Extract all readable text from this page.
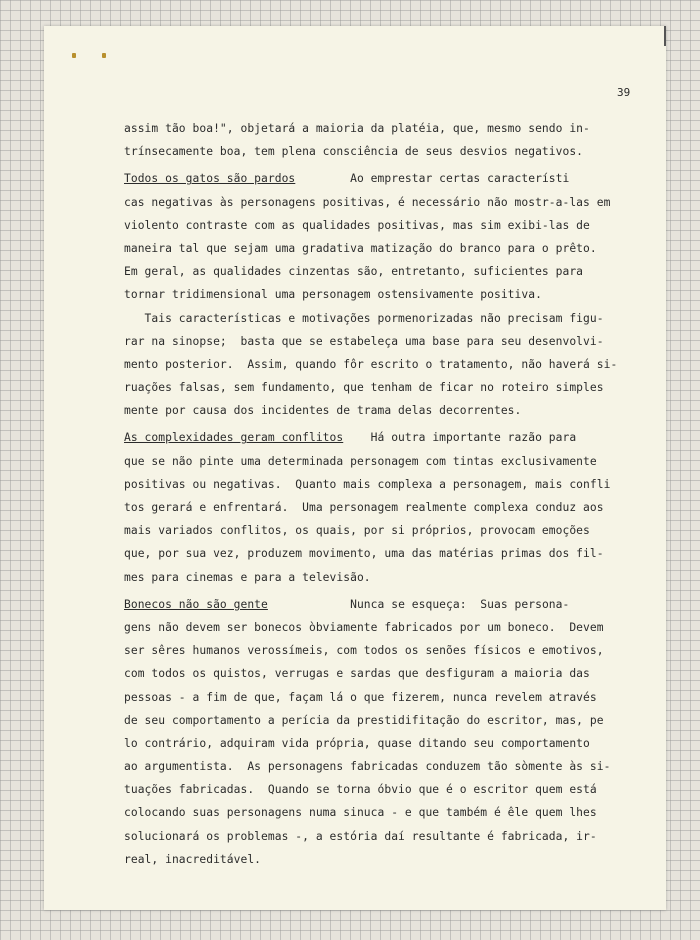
39
assim tão boa!", objetará a maioria da platéia, que, mesmo sendo in-
trínsecamente boa, tem plena consciência de seus desvios negativos.
Todos os gatos são pardos        Ao emprestar certas característi
cas negativas às personagens positivas, é necessário não mostr-a-las em
violento contraste com as qualidades positivas, mas sim exibi-las de
maneira tal que sejam uma gradativa matização do branco para o prêto.
Em geral, as qualidades cinzentas são, entretanto, suficientes para
tornar tridimensional uma personagem ostensivamente positiva.
Tais características e motivações pormenorizadas não precisam figu-
rar na sinopse;  basta que se estabeleça uma base para seu desenvolvi-
mento posterior.  Assim, quando fôr escrito o tratamento, não haverá si-
ruações falsas, sem fundamento, que tenham de ficar no roteiro simples
mente por causa dos incidentes de trama delas decorrentes.
As complexidades geram conflitos    Há outra importante razão para
que se não pinte uma determinada personagem com tintas exclusivamente
positivas ou negativas.  Quanto mais complexa a personagem, mais confli
tos gerará e enfrentará.  Uma personagem realmente complexa conduz aos
mais variados conflitos, os quais, por si próprios, provocam emoções
que, por sua vez, produzem movimento, uma das matérias primas dos fil-
mes para cinemas e para a televisão.
Bonecos não são gente            Nunca se esqueça:  Suas persona-
gens não devem ser bonecos òbviamente fabricados por um boneco.  Devem
ser sêres humanos verossímeis, com todos os senões físicos e emotivos,
com todos os quistos, verrugas e sardas que desfiguram a maioria das
pessoas - a fim de que, façam lá o que fizerem, nunca revelem através
de seu comportamento a perícia da prestidifitação do escritor, mas, pe
lo contrário, adquiram vida própria, quase ditando seu comportamento
ao argumentista.  As personagens fabricadas conduzem tão sòmente às si-
tuações fabricadas.  Quando se torna óbvio que é o escritor quem está
colocando suas personagens numa sinuca - e que também é êle quem lhes
solucionará os problemas -, a estória daí resultante é fabricada, ir-
real, inacreditável.
